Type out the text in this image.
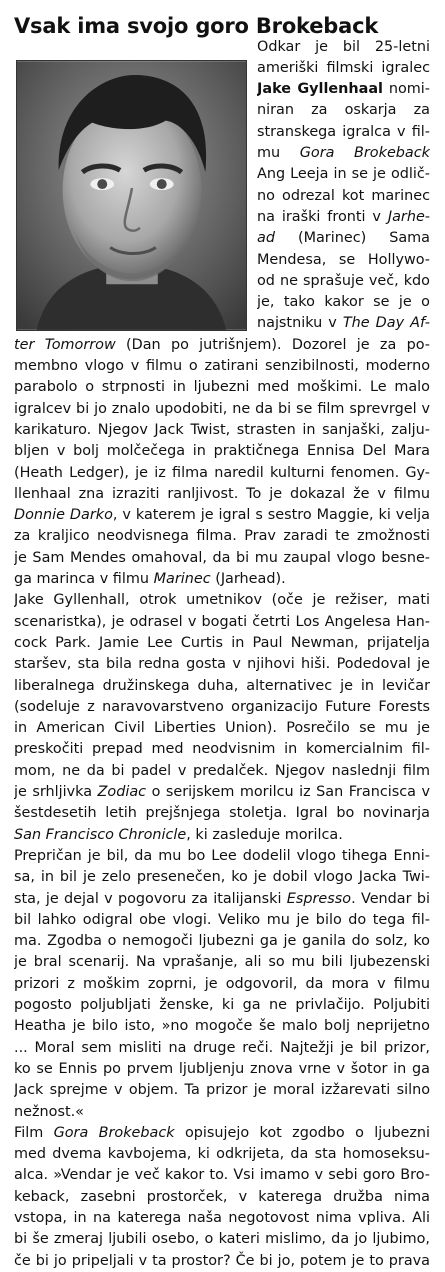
Vsak ima svojo goro Brokeback
Odkar je bil 25-letni
ameriški filmski igralec
Jake Gyllenhaal nomi-
niran za oskarja za
stranskega igralca v fil-
mu Gora Brokeback
Ang Leeja in se je odlič-
no odrezal kot marinec
na iraški fronti v Jarhe-
ad (Marinec) Sama
Mendesa, se Hollywo-
od ne sprašuje več, kdo
je, tako kakor se je o
najstniku v The Day Af-
ter Tomorrow (Dan po jutrišnjem). Dozorel je za po-
membno vlogo v filmu o zatirani senzibilnosti, moderno
parabolo o strpnosti in ljubezni med moškimi. Le malo
igralcev bi jo znalo upodobiti, ne da bi se film sprevrgel v
karikaturo. Njegov Jack Twist, strasten in sanjaški, zalju-
bljen v bolj molčečega in praktičnega Ennisa Del Mara
(Heath Ledger), je iz filma naredil kulturni fenomen. Gy-
llenhaal zna izraziti ranljivost. To je dokazal že v filmu
Donnie Darko, v katerem je igral s sestro Maggie, ki velja
za kraljico neodvisnega filma. Prav zaradi te zmožnosti
je Sam Mendes omahoval, da bi mu zaupal vlogo besne-
ga marinca v filmu Marinec (Jarhead).
Jake Gyllenhall, otrok umetnikov (oče je režiser, mati
scenaristka), je odrasel v bogati četrti Los Angelesa Han-
cock Park. Jamie Lee Curtis in Paul Newman, prijatelja
staršev, sta bila redna gosta v njihovi hiši. Podedoval je
liberalnega družinskega duha, alternativec je in levičar
(sodeluje z naravovarstveno organizacijo Future Forests
in American Civil Liberties Union). Posrečilo se mu je
preskočiti prepad med neodvisnim in komercialnim fil-
mom, ne da bi padel v predalček. Njegov naslednji film
je srhljivka Zodiac o serijskem morilcu iz San Francisca v
šestdesetih letih prejšnjega stoletja. Igral bo novinarja
San Francisco Chronicle, ki zasleduje morilca.
Prepričan je bil, da mu bo Lee dodelil vlogo tihega Enni-
sa, in bil je zelo presenečen, ko je dobil vlogo Jacka Twi-
sta, je dejal v pogovoru za italijanski Espresso. Vendar bi
bil lahko odigral obe vlogi. Veliko mu je bilo do tega fil-
ma. Zgodba o nemogoči ljubezni ga je ganila do solz, ko
je bral scenarij. Na vprašanje, ali so mu bili ljubezenski
prizori z moškim zoprni, je odgovoril, da mora v filmu
pogosto poljubljati ženske, ki ga ne privlačijo. Poljubiti
Heatha je bilo isto, »no mogoče še malo bolj neprijetno
... Moral sem misliti na druge reči. Najtežji je bil prizor,
ko se Ennis po prvem ljubljenju znova vrne v šotor in ga
Jack sprejme v objem. Ta prizor je moral izžarevati silno
nežnost.«
Film Gora Brokeback opisujejo kot zgodbo o ljubezni
med dvema kavbojema, ki odkrijeta, da sta homoseksu-
alca. »Vendar je več kakor to. Vsi imamo v sebi goro Bro-
keback, zasebni prostorček, v katerega družba nima
vstopa, in na katerega naša negotovost nima vpliva. Ali
bi še zmeraj ljubili osebo, o kateri mislimo, da jo ljubimo,
če bi jo pripeljali v ta prostor? Če bi jo, potem je to prava
